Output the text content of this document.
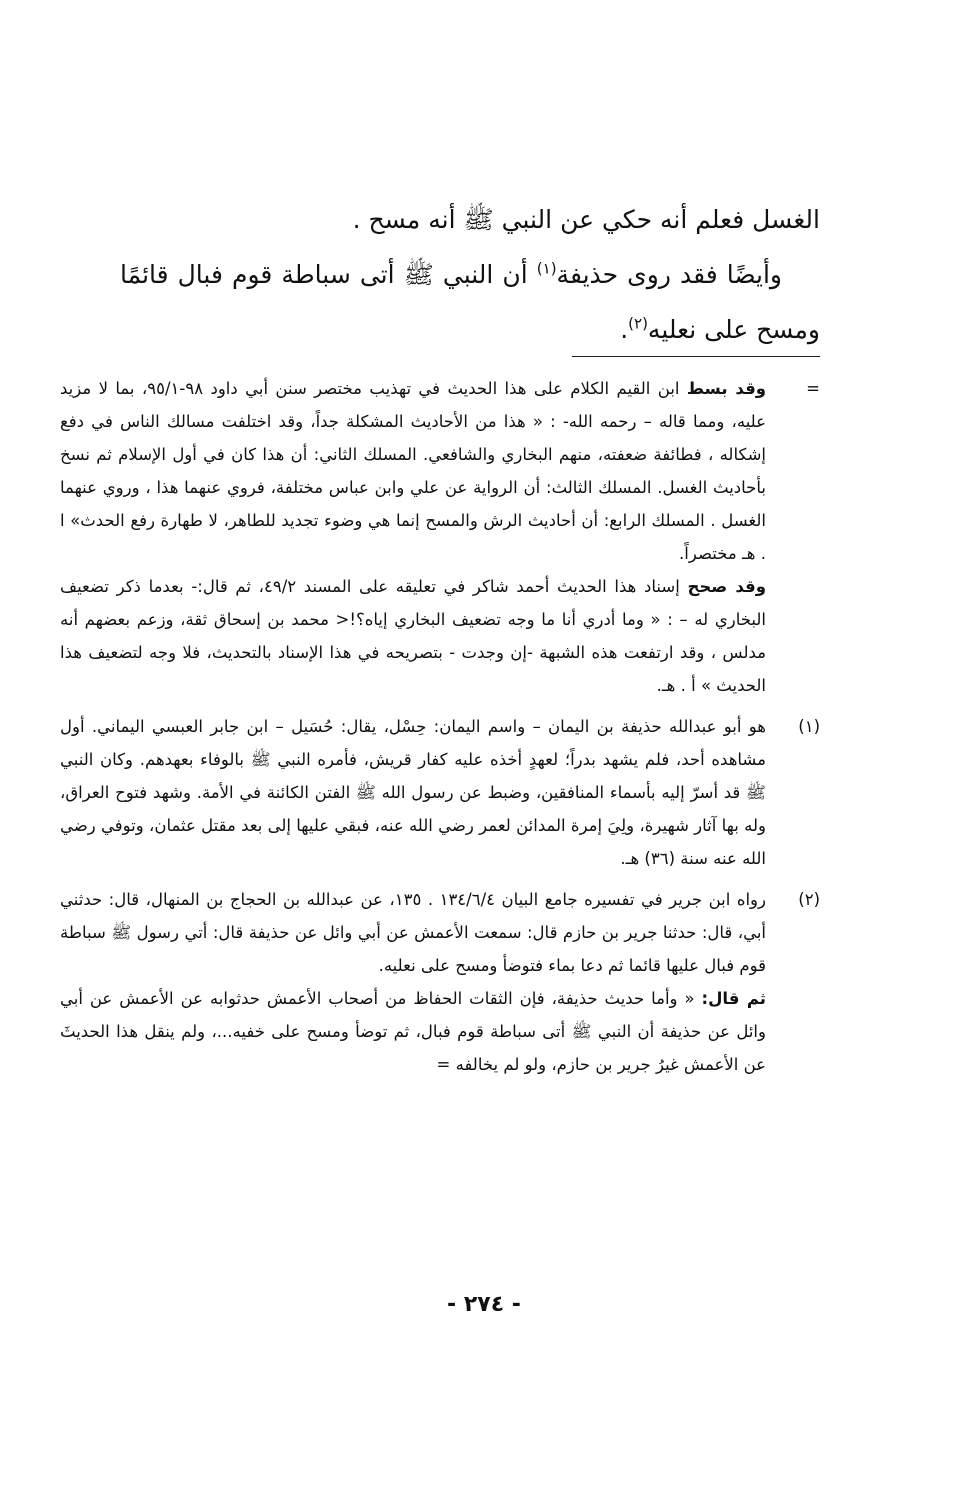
الغسل فعلم أنه حكي عن النبي ﷺ أنه مسح .

وأيضًا فقد روى حذيفة$^{(١)}$ أن النبي ﷺ أتى سباطة قوم فبال قائمًا ومسح على نعليه$^{(٢)}$.

=

وقد بسط ابن القيم الكلام على هذا الحديث في تهذيب مختصر سنن أبي داود ٩٨-٩٥/١، بما لا مزيد عليه، ومما قاله – رحمه الله- : « هذا من الأحاديث المشكلة جداً، وقد اختلفت مسالك الناس في دفع إشكاله ، فطائفة ضعفته، منهم البخاري والشافعي. المسلك الثاني: أن هذا كان في أول الإسلام ثم نسخ بأحاديث الغسل. المسلك الثالث: أن الرواية عن علي وابن عباس مختلفة، فروي عنهما هذا ، وروي عنهما الغسل . المسلك الرابع: أن أحاديث الرش والمسح إنما هي وضوء تجديد للطاهر، لا طهارة رفع الحدث» ا . هـ مختصراً.

وقد صحح إسناد هذا الحديث أحمد شاكر في تعليقه على المسند ٤٩/٢، ثم قال:- بعدما ذكر تضعيف البخاري له – : « وما أدري أنا ما وجه تضعيف البخاري إياه؟!< محمد بن إسحاق ثقة، وزعم بعضهم أنه مدلس ، وقد ارتفعت هذه الشبهة -إن وجدت - بتصريحه في هذا الإسناد بالتحديث، فلا وجه لتضعيف هذا الحديث » أ . هـ.

(١)

هو أبو عبدالله حذيفة بن اليمان – واسم اليمان: حِسْل، يقال: حُسَيل – ابن جابر العبسي اليماني. أول مشاهده أحد، فلم يشهد بدراً؛ لعهدٍ أخذه عليه كفار قريش، فأمره النبي ﷺ بالوفاء بعهدهم. وكان النبي ﷺ قد أسرّ إليه بأسماء المنافقين، وضبط عن رسول الله ﷺ الفتن الكائنة في الأمة. وشهد فتوح العراق، وله بها آثار شهيرة، ولِيَ إمرة المدائن لعمر رضي الله عنه، فبقي عليها إلى بعد مقتل عثمان، وتوفي رضي الله عنه سنة (٣٦) هـ.

(٢)

رواه ابن جرير في تفسيره جامع البيان ١٣٤/٦/٤ . ١٣٥، عن عبدالله بن الحجاج بن المنهال، قال: حدثني أبي، قال: حدثنا جرير بن حازم قال: سمعت الأعمش عن أبي وائل عن حذيفة قال: أتي رسول ﷺ سباطة قوم فبال عليها قائما ثم دعا بماء فتوضأ ومسح على نعليه.

ثم قال: « وأما حديث حذيفة، فإن الثقات الحفاظ من أصحاب الأعمش حدثوابه عن الأعمش عن أبي وائل عن حذيفة أن النبي ﷺ أتى سباطة قوم فبال، ثم توضأ ومسح على خفيه...، ولم ينقل هذا الحديثَ عن الأعمش غيرُ جرير بن حازم، ولو لم يخالفه =

- ٢٧٤ -
